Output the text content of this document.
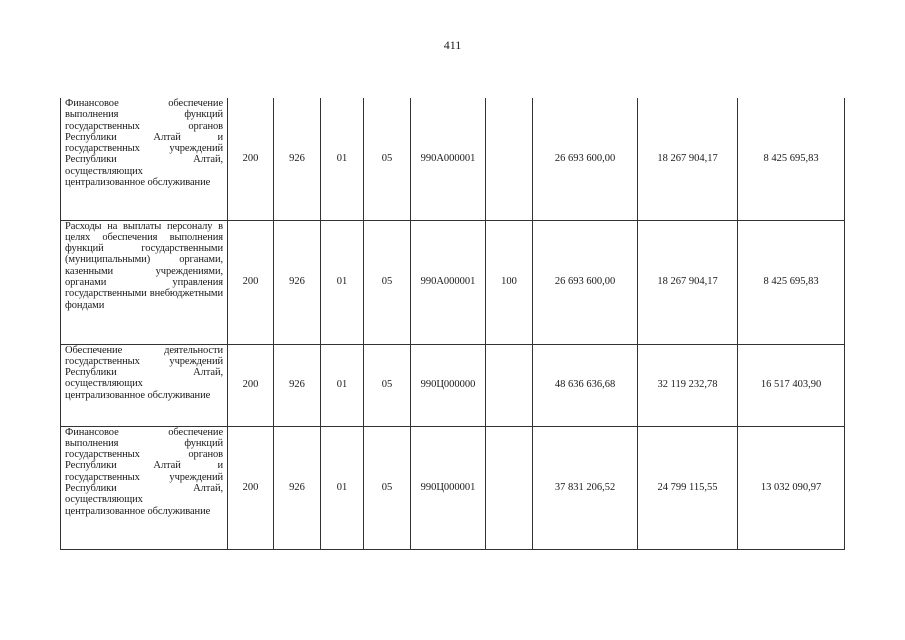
411
Финансовое обеспечение выполнения функций государственных органов Республики Алтай и государственных учреждений Республики Алтай, осуществляющих централизованное обслуживание	200	926	01	05	990А000001		26 693 600,00	18 267 904,17	8 425 695,83
Расходы на выплаты персоналу в целях обеспечения выполнения функций государственными (муниципальными) органами, казенными учреждениями, органами управления государственными внебюджетными фондами	200	926	01	05	990А000001	100	26 693 600,00	18 267 904,17	8 425 695,83
Обеспечение деятельности государственных учреждений Республики Алтай, осуществляющих централизованное обслуживание	200	926	01	05	990Ц000000		48 636 636,68	32 119 232,78	16 517 403,90
Финансовое обеспечение выполнения функций государственных органов Республики Алтай и государственных учреждений Республики Алтай, осуществляющих централизованное обслуживание	200	926	01	05	990Ц000001		37 831 206,52	24 799 115,55	13 032 090,97
